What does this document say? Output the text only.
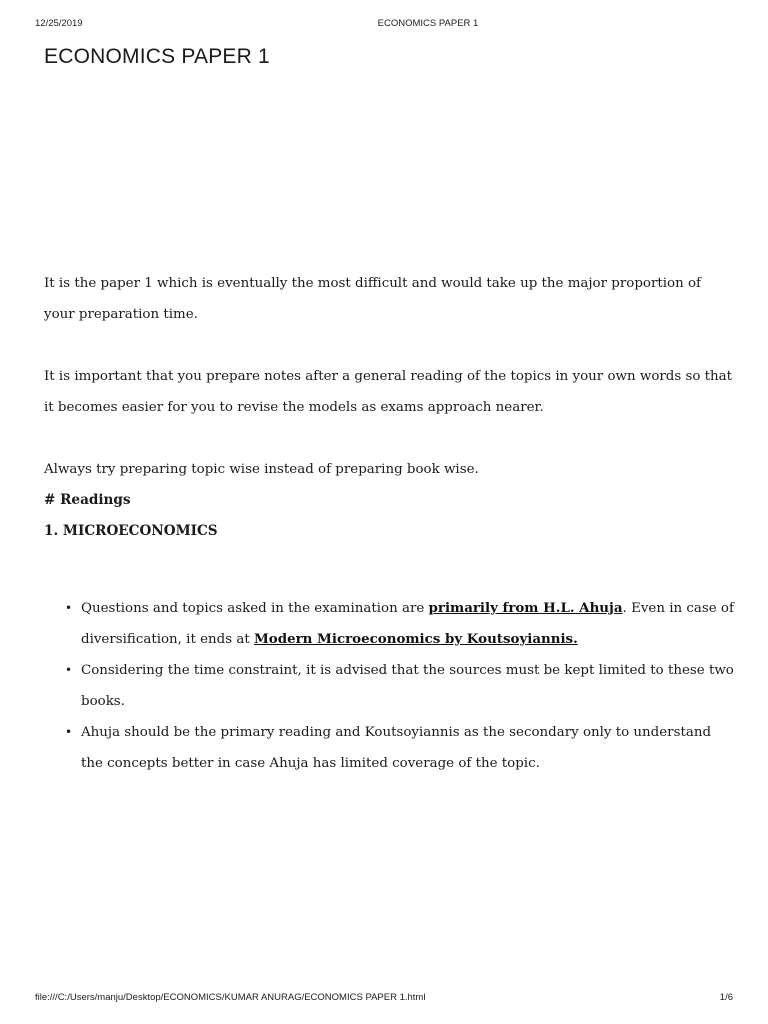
12/25/2019	ECONOMICS PAPER 1
ECONOMICS PAPER 1

It is the paper 1 which is eventually the most difficult and would take up the major proportion of your preparation time.

It is important that you prepare notes after a general reading of the topics in your own words so that it becomes easier for you to revise the models as exams approach nearer.

Always try preparing topic wise instead of preparing book wise.

# Readings

1. MICROECONOMICS

• Questions and topics asked in the examination are primarily from H.L. Ahuja. Even in case of diversification, it ends at Modern Microeconomics by Koutsoyiannis.
• Considering the time constraint, it is advised that the sources must be kept limited to these two books.
• Ahuja should be the primary reading and Koutsoyiannis as the secondary only to understand the concepts better in case Ahuja has limited coverage of the topic.
file:///C:/Users/manju/Desktop/ECONOMICS/KUMAR ANURAG/ECONOMICS PAPER 1.html	1/6
